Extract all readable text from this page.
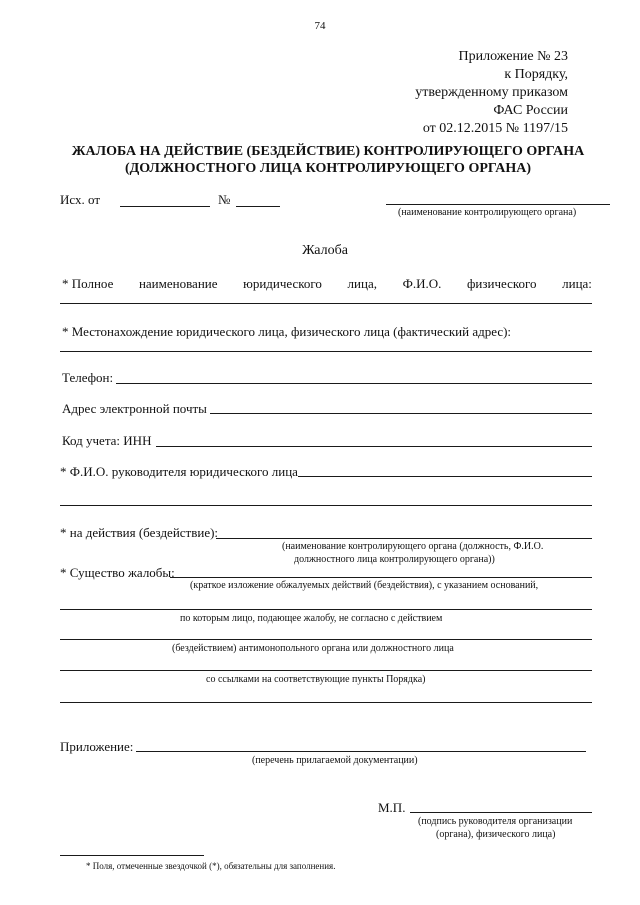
74
Приложение № 23
к Порядку,
утвержденному приказом
ФАС России
от 02.12.2015 № 1197/15
ЖАЛОБА НА ДЕЙСТВИЕ (БЕЗДЕЙСТВИЕ) КОНТРОЛИРУЮЩЕГО ОРГАНА
(ДОЛЖНОСТНОГО ЛИЦА КОНТРОЛИРУЮЩЕГО ОРГАНА)
Исх. от	№
(наименование контролирующего органа)
Жалоба
* Полное наименование юридического лица, Ф.И.О. физического лица:
* Местонахождение юридического лица, физического лица (фактический адрес):
Телефон:
Адрес электронной почты
Код учета: ИНН
* Ф.И.О. руководителя юридического лица
* на действия (бездействие):
(наименование контролирующего органа (должность, Ф.И.О.
должностного лица контролирующего органа))
* Существо жалобы:
(краткое изложение обжалуемых действий (бездействия), с указанием оснований,
по которым лицо, подающее жалобу, не согласно с действием
(бездействием) антимонопольного органа или должностного лица
со ссылками на соответствующие пункты Порядка)
Приложение:
(перечень прилагаемой документации)
М.П.
(подпись руководителя организации
(органа), физического лица)
* Поля, отмеченные звездочкой (*), обязательны для заполнения.
